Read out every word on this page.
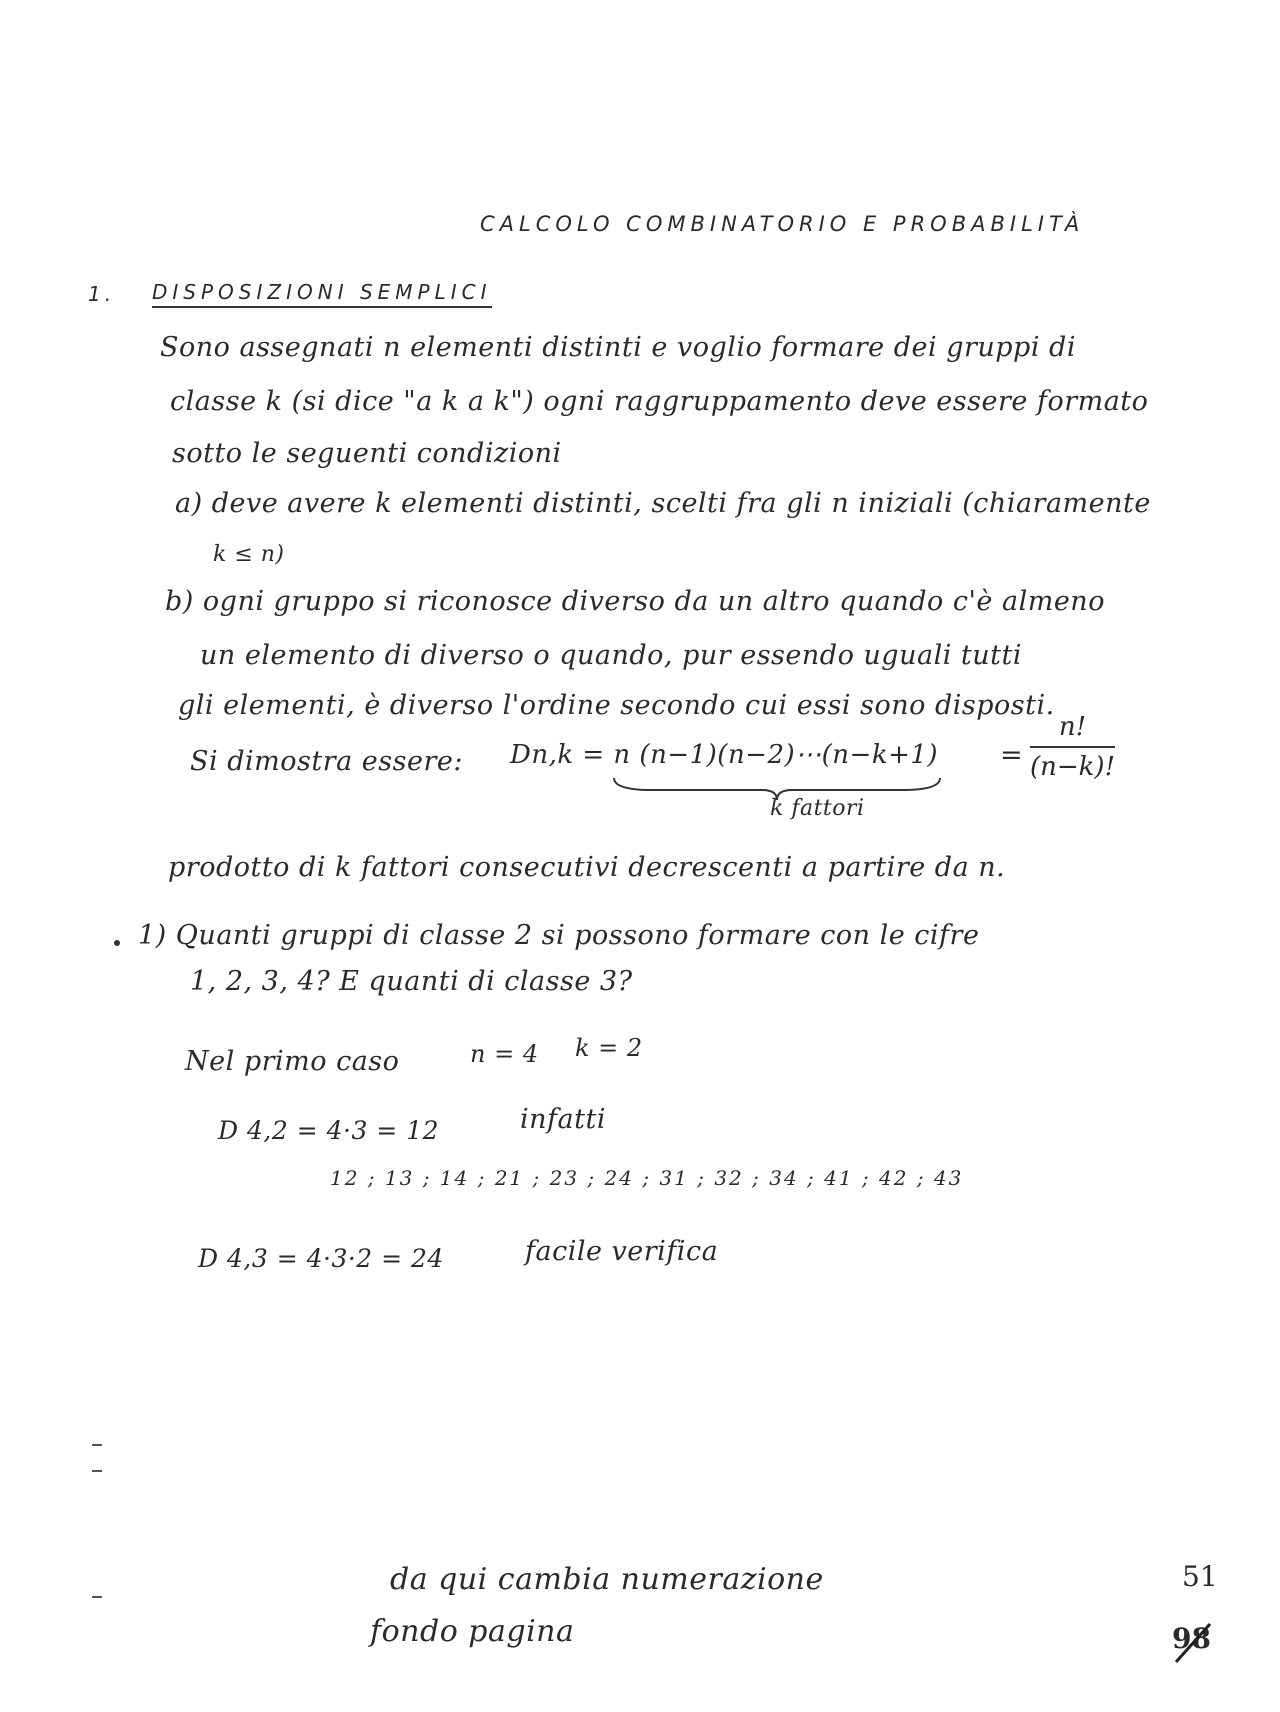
CALCOLO COMBINATORIO E PROBABILITÀ
1. DISPOSIZIONI SEMPLICI
Sono assegnati n elementi distinti e voglio formare dei gruppi di
classe k (si dice "a k a k") ogni raggruppamento deve essere formato
sotto le seguenti condizioni
a) deve avere k elementi distinti, scelti fra gli n iniziali (chiaramente
k ≤ n)
b) ogni gruppo si riconosce diverso da un altro quando c'è almeno
un elemento di diverso o quando, pur essendo uguali tutti
gli elementi, è diverso l'ordine secondo cui essi sono disposti.
Si dimostra essere: Dn,k = n (n−1)(n−2)⋯(n−k+1)
k fattori
=
n!
(n−k)!
prodotto di k fattori consecutivi decrescenti a partire da n.
1) Quanti gruppi di classe 2 si possono formare con le cifre
1, 2, 3, 4? E quanti di classe 3?
Nel primo caso	n = 4 k = 2
D 4,2 = 4·3 = 12	infatti
12 ; 13 ; 14 ; 21 ; 23 ; 24 ; 31 ; 32 ; 34 ; 41 ; 42 ; 43
D 4,3 = 4·3·2 = 24	facile verifica
da qui cambia numerazione
fondo pagina
51
98
